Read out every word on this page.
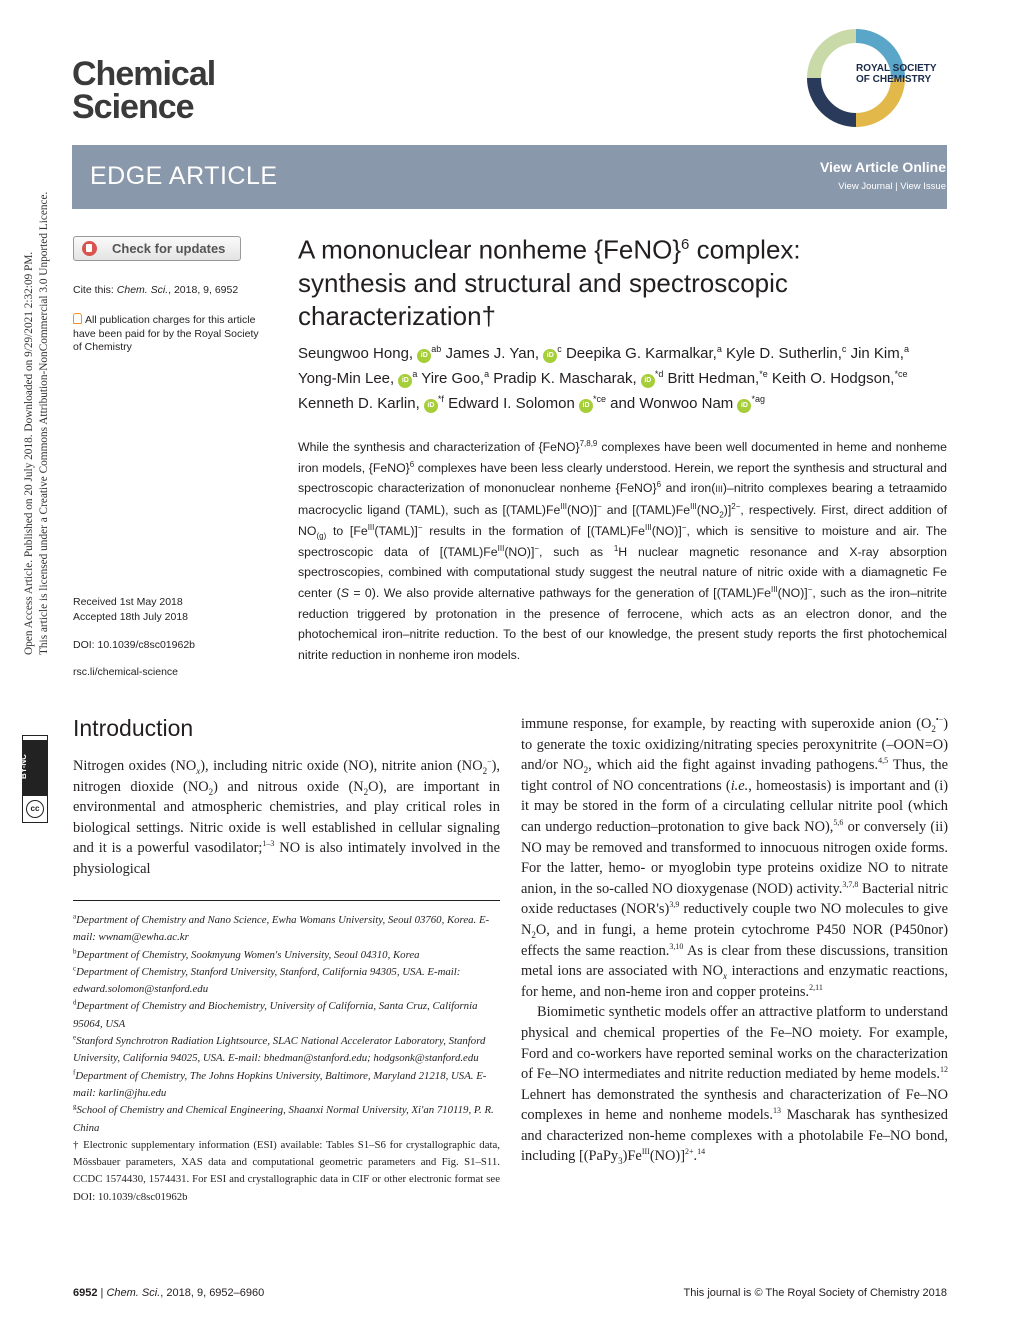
Chemical
Science
ROYAL SOCIETY
OF CHEMISTRY
Open Access Article. Published on 20 July 2018. Downloaded on 9/29/2021 2:32:09 PM. This article is licensed under a Creative Commons Attribution-NonCommercial 3.0 Unported Licence.
BY-NC
cc
EDGE ARTICLE	View Article Online
View Journal | View Issue
Check for updates
Cite this: Chem. Sci., 2018, 9, 6952
All publication charges for this article
have been paid for by the Royal Society
of Chemistry
Received 1st May 2018
Accepted 18th July 2018
DOI: 10.1039/c8sc01962b
rsc.li/chemical-science
A mononuclear nonheme {FeNO}$^6$ complex:
synthesis and structural and spectroscopic
characterization†
Seungwoo Hong, $iD^{ab}$ James J. Yan, $iD^c$ Deepika G. Karmalkar,$^a$ Kyle D. Sutherlin,$^c$ Jin Kim,$^a$ Yong-Min Lee, $iD^a$ Yire Goo,$^a$ Pradip K. Mascharak, $iD^{*d}$ Britt Hedman,$^{*e}$ Keith O. Hodgson,$^{*ce}$ Kenneth D. Karlin, $iD^{*f}$ Edward I. Solomon $iD^{*ce}$ and Wonwoo Nam $iD^{*ag}$
While the synthesis and characterization of {FeNO}$^{7,8,9}$ complexes have been well documented in heme and nonheme iron models, {FeNO}$^6$ complexes have been less clearly understood. Herein, we report the synthesis and structural and spectroscopic characterization of mononuclear nonheme {FeNO}$^6$ and iron(III)–nitrito complexes bearing a tetraamido macrocyclic ligand (TAML), such as $[(TAML)Fe^{III}(NO)]^-$ and $[(TAML)Fe^{III}(NO_2)]^{2-}$, respectively. First, direct addition of $NO_{(g)}$ to $[Fe^{III}(TAML)]^-$ results in the formation of $[(TAML)Fe^{III}(NO)]^-$, which is sensitive to moisture and air. The spectroscopic data of $[(TAML)Fe^{III}(NO)]^-$, such as $^1$H nuclear magnetic resonance and X-ray absorption spectroscopies, combined with computational study suggest the neutral nature of nitric oxide with a diamagnetic Fe center (S = 0). We also provide alternative pathways for the generation of $[(TAML)Fe^{III}(NO)]^-$, such as the iron–nitrite reduction triggered by protonation in the presence of ferrocene, which acts as an electron donor, and the photochemical iron–nitrite reduction. To the best of our knowledge, the present study reports the first photochemical nitrite reduction in nonheme iron models.
Introduction
Nitrogen oxides $(NO_x)$, including nitric oxide (NO), nitrite anion $(NO_2^-)$, nitrogen dioxide $(NO_2)$ and nitrous oxide $(N_2O)$, are important in environmental and atmospheric chemistries, and play critical roles in biological settings. Nitric oxide is well established in cellular signaling and it is a powerful vasodilator;$^{1-3}$ NO is also intimately involved in the physiological
immune response, for example, by reacting with superoxide anion $(O_2^{•-})$ to generate the toxic oxidizing/nitrating species peroxynitrite (–OON=O) and/or $NO_2$, which aid the fight against invading pathogens.$^{4,5}$ Thus, the tight control of NO concentrations (i.e., homeostasis) is important and (i) it may be stored in the form of a circulating cellular nitrite pool (which can undergo reduction–protonation to give back NO),$^{5,6}$ or conversely (ii) NO may be removed and transformed to innocuous nitrogen oxide forms. For the latter, hemo- or myoglobin type proteins oxidize NO to nitrate anion, in the so-called NO dioxygenase (NOD) activity.$^{3,7,8}$ Bacterial nitric oxide reductases $(NOR's)^{3,9}$ reductively couple two NO molecules to give $N_2O$, and in fungi, a heme protein cytochrome P450 NOR (P450nor) effects the same reaction.$^{3,10}$ As is clear from these discussions, transition metal ions are associated with $NO_x$ interactions and enzymatic reactions, for heme, and non-heme iron and copper proteins.$^{2,11}$
Biomimetic synthetic models offer an attractive platform to understand physical and chemical properties of the Fe–NO moiety. For example, Ford and co-workers have reported seminal works on the characterization of Fe–NO intermediates and nitrite reduction mediated by heme models.$^{12}$ Lehnert has demonstrated the synthesis and characterization of Fe–NO complexes in heme and nonheme models.$^{13}$ Mascharak has synthesized and characterized non-heme complexes with a photolabile Fe–NO bond, including $[(PaPy_3)Fe^{III}(NO)]^{2+}.^{14}$
$^a$Department of Chemistry and Nano Science, Ewha Womans University, Seoul 03760, Korea. E-mail: wwnam@ewha.ac.kr
$^b$Department of Chemistry, Sookmyung Women's University, Seoul 04310, Korea
$^c$Department of Chemistry, Stanford University, Stanford, California 94305, USA. E-mail: edward.solomon@stanford.edu
$^d$Department of Chemistry and Biochemistry, University of California, Santa Cruz, California 95064, USA
$^e$Stanford Synchrotron Radiation Lightsource, SLAC National Accelerator Laboratory, Stanford University, California 94025, USA. E-mail: bhedman@stanford.edu; hodgsonk@stanford.edu
$^f$Department of Chemistry, The Johns Hopkins University, Baltimore, Maryland 21218, USA. E-mail: karlin@jhu.edu
$^g$School of Chemistry and Chemical Engineering, Shaanxi Normal University, Xi'an 710119, P. R. China
† Electronic supplementary information (ESI) available: Tables S1–S6 for crystallographic data, Mössbauer parameters, XAS data and computational geometric parameters and Fig. S1–S11. CCDC 1574430, 1574431. For ESI and crystallographic data in CIF or other electronic format see DOI: 10.1039/c8sc01962b
6952 | Chem. Sci., 2018, 9, 6952–6960	This journal is © The Royal Society of Chemistry 2018
